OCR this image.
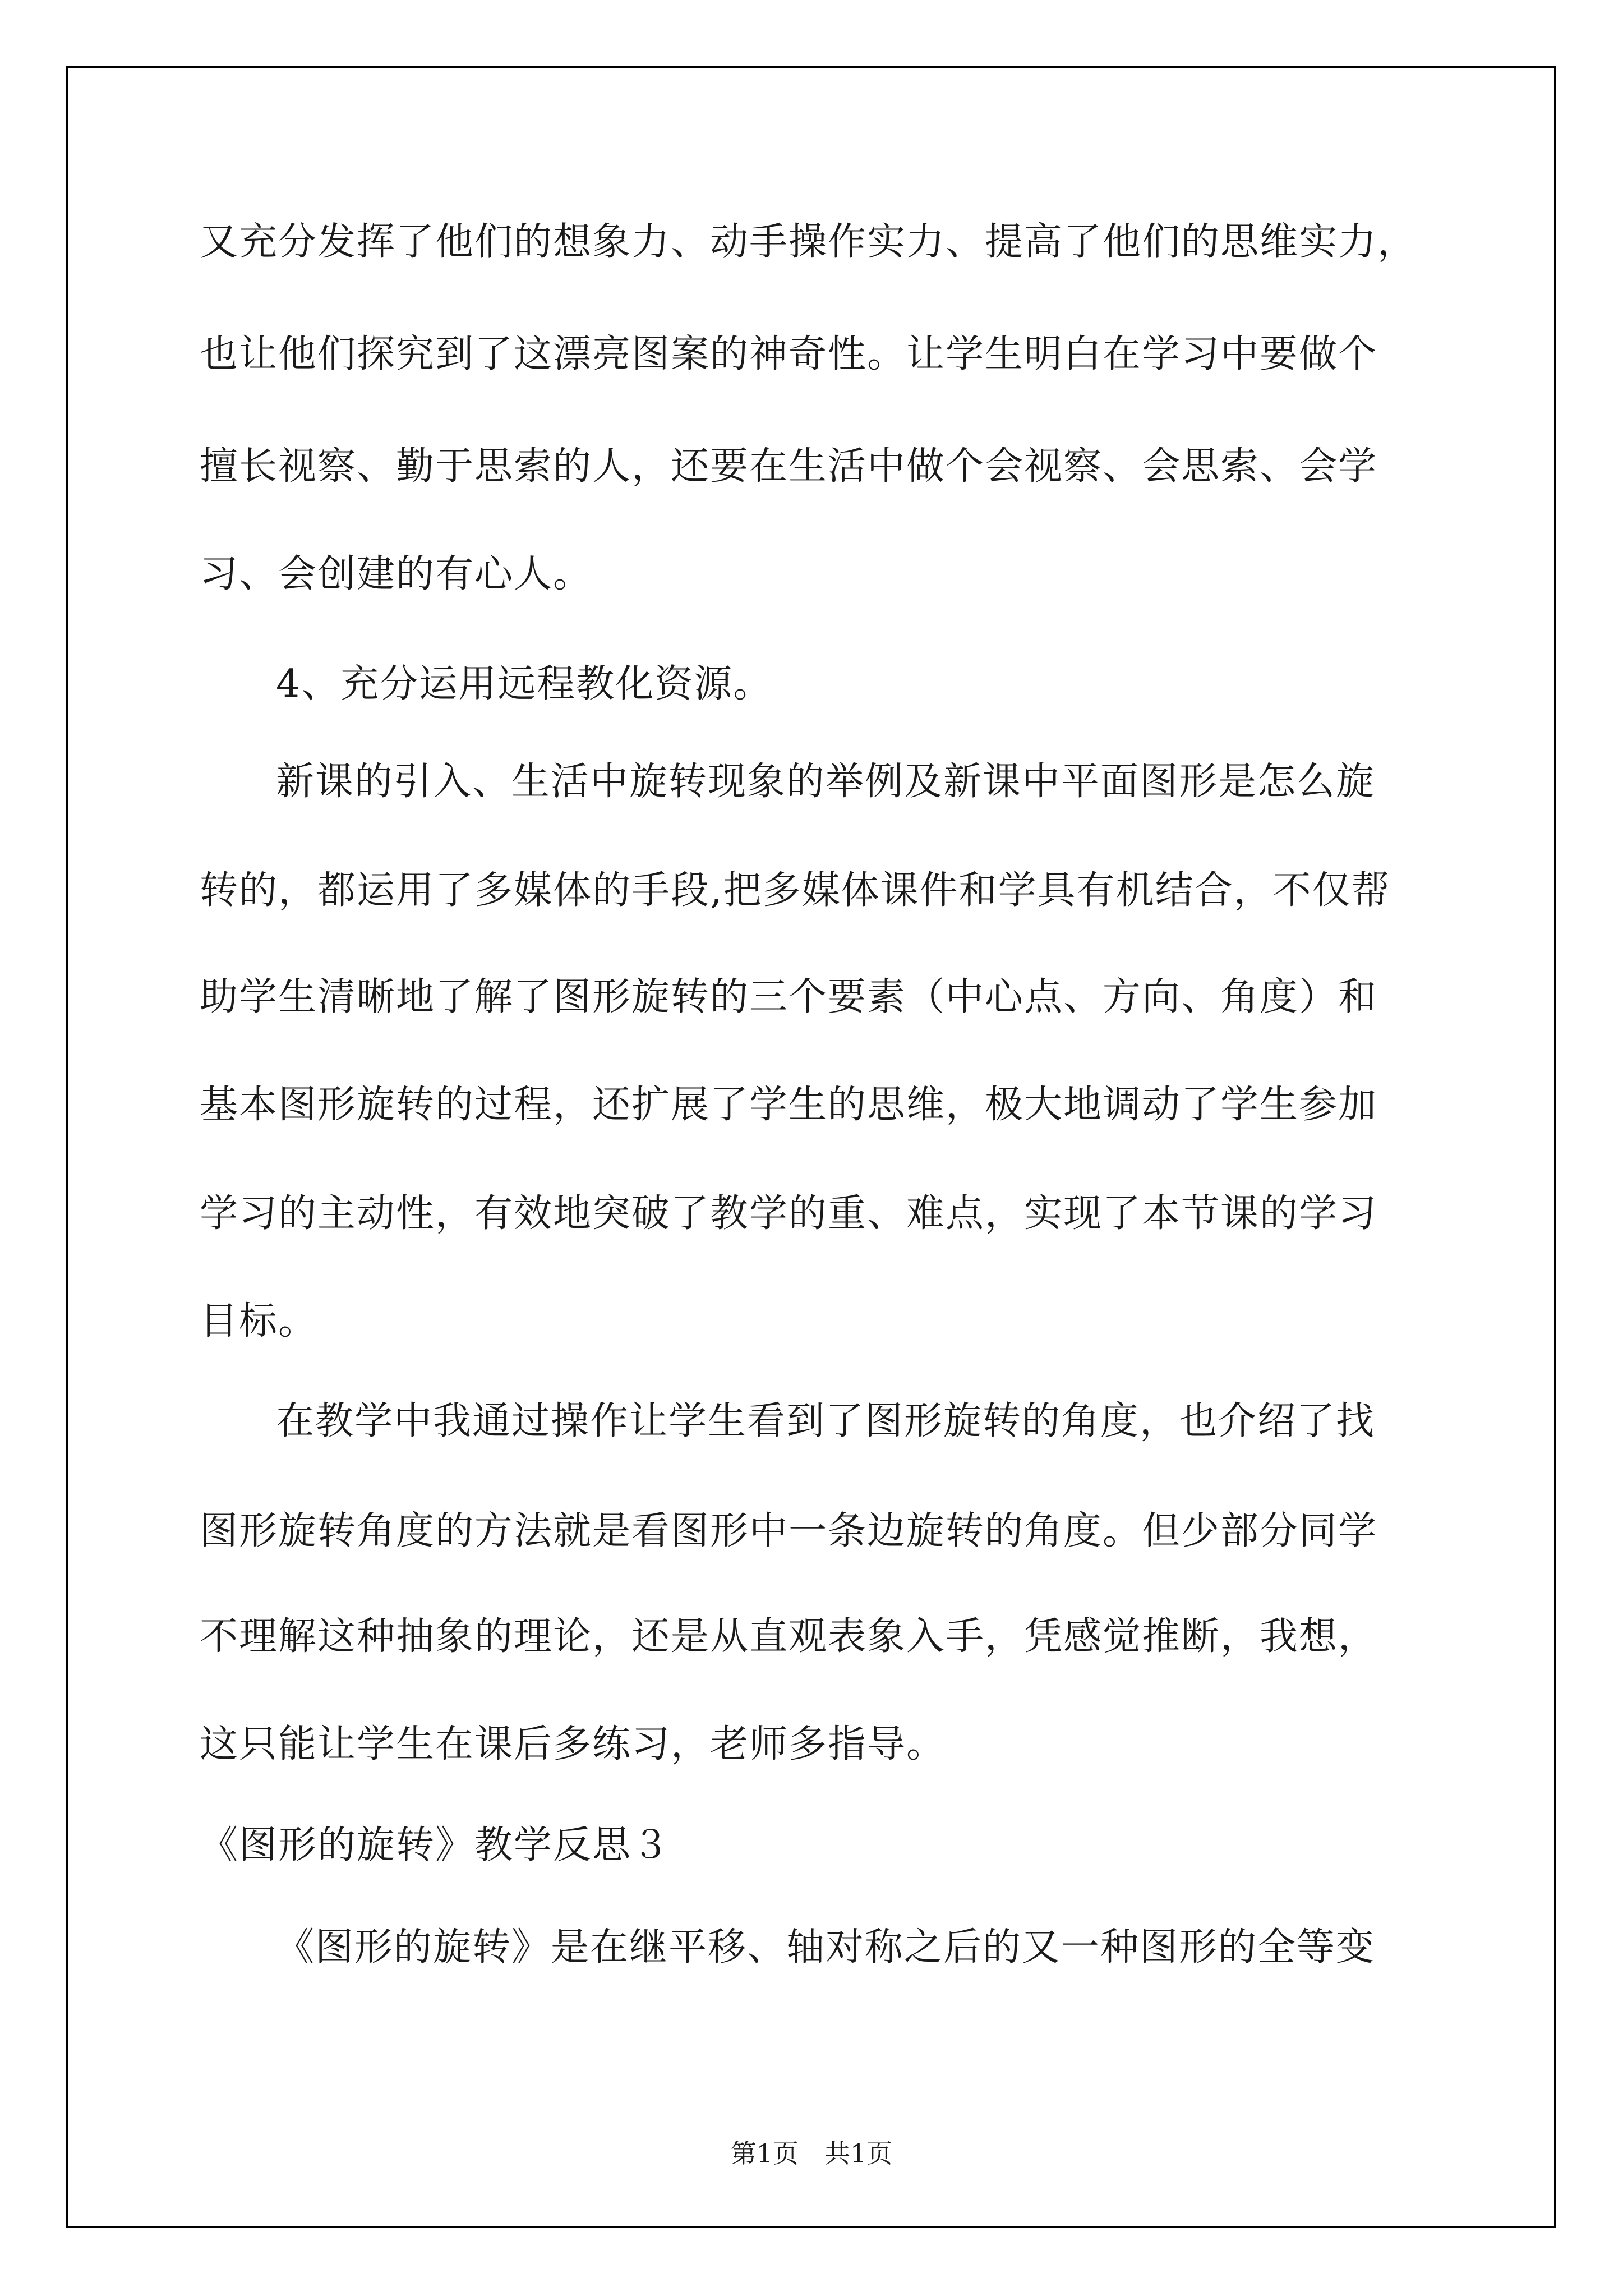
又充分发挥了他们的想象力、动手操作实力、提高了他们的思维实力，
也让他们探究到了这漂亮图案的神奇性。让学生明白在学习中要做个
擅长视察、勤于思索的人，还要在生活中做个会视察、会思索、会学
习、会创建的有心人。
4、充分运用远程教化资源。
新课的引入、生活中旋转现象的举例及新课中平面图形是怎么旋
转的，都运用了多媒体的手段,把多媒体课件和学具有机结合，不仅帮
助学生清晰地了解了图形旋转的三个要素（中心点、方向、角度）和
基本图形旋转的过程，还扩展了学生的思维，极大地调动了学生参加
学习的主动性，有效地突破了教学的重、难点，实现了本节课的学习
目标。
在教学中我通过操作让学生看到了图形旋转的角度，也介绍了找
图形旋转角度的方法就是看图形中一条边旋转的角度。但少部分同学
不理解这种抽象的理论，还是从直观表象入手，凭感觉推断，我想，
这只能让学生在课后多练习，老师多指导。
《图形的旋转》教学反思３
《图形的旋转》是在继平移、轴对称之后的又一种图形的全等变
第1页　共1页
